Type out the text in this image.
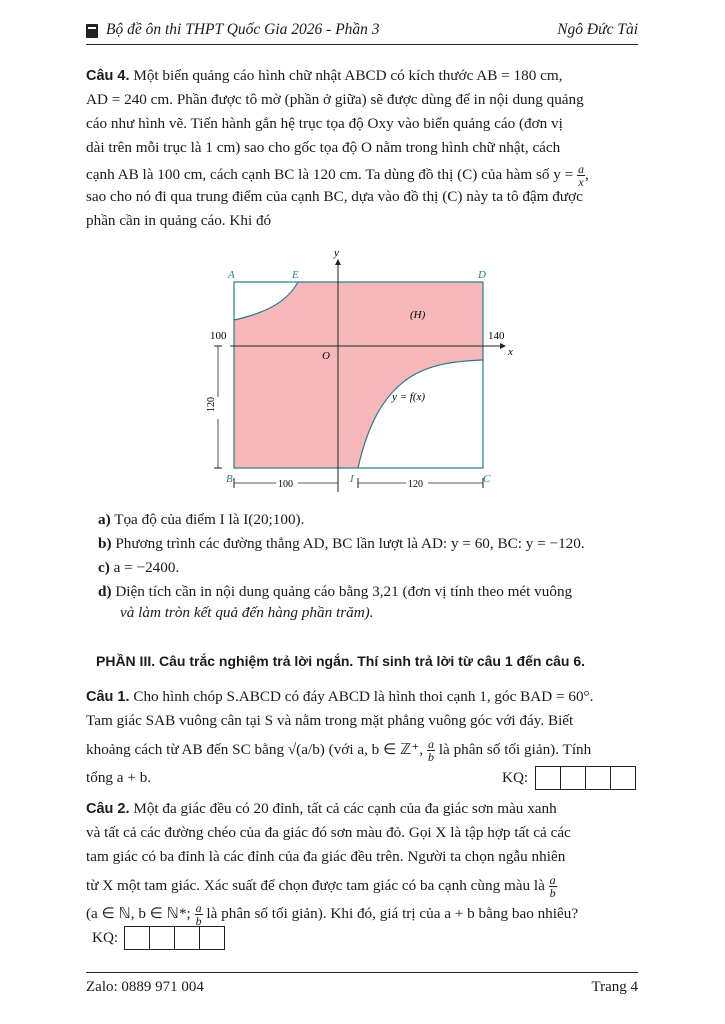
Bộ đề ôn thi THPT Quốc Gia 2026 - Phần 3	Ngô Đức Tài
Câu 4. Một biển quảng cáo hình chữ nhật ABCD có kích thước AB = 180 cm,
AD = 240 cm. Phần được tô mờ (phần ở giữa) sẽ được dùng để in nội dung quảng
cáo như hình vẽ. Tiến hành gắn hệ trục tọa độ Oxy vào biển quảng cáo (đơn vị
dài trên mỗi trục là 1 cm) sao cho gốc tọa độ O nằm trong hình chữ nhật, cách
cạnh AB là 100 cm, cách cạnh BC là 120 cm. Ta dùng đồ thị (C) của hàm số $y = \frac{a}{x}$ ,
sao cho nó đi qua trung điểm của cạnh BC, dựa vào đồ thị (C) này ta tô đậm được
phần cần in quảng cáo. Khi đó
A	E	D
B	I	C
O	x
y
(H)
y = f(x)
100	140
120
100	120
a) Tọa độ của điểm I là I(20;100).
b) Phương trình các đường thẳng AD, BC lần lượt là AD: y = 60, BC: y = −120.
c) a = −2400.
d) Diện tích cần in nội dung quảng cáo bằng 3,21 (đơn vị tính theo mét vuông
và làm tròn kết quả đến hàng phần trăm).
PHẦN III. Câu trắc nghiệm trả lời ngắn. Thí sinh trả lời từ câu 1 đến câu 6.
Câu 1. Cho hình chóp S.ABCD có đáy ABCD là hình thoi cạnh 1, góc BAD = 60°.
Tam giác SAB vuông cân tại S và nằm trong mặt phẳng vuông góc với đáy. Biết
khoảng cách từ AB đến SC bằng √(a/b) (với a, b ∈ ℤ⁺, $\frac{a}{b}$ là phân số tối giản). Tính
tổng a + b.	KQ:
Câu 2. Một đa giác đều có 20 đỉnh, tất cả các cạnh của đa giác sơn màu xanh
và tất cả các đường chéo của đa giác đó sơn màu đỏ. Gọi X là tập hợp tất cả các
tam giác có ba đỉnh là các đỉnh của đa giác đều trên. Người ta chọn ngẫu nhiên
từ X một tam giác. Xác suất để chọn được tam giác có ba cạnh cùng màu là $\frac{a}{b}$
(a ∈ ℕ, b ∈ ℕ*; $\frac{a}{b}$ là phân số tối giản). Khi đó, giá trị của a + b bằng bao nhiêu?
KQ:
Zalo: 0889 971 004	Trang 4
